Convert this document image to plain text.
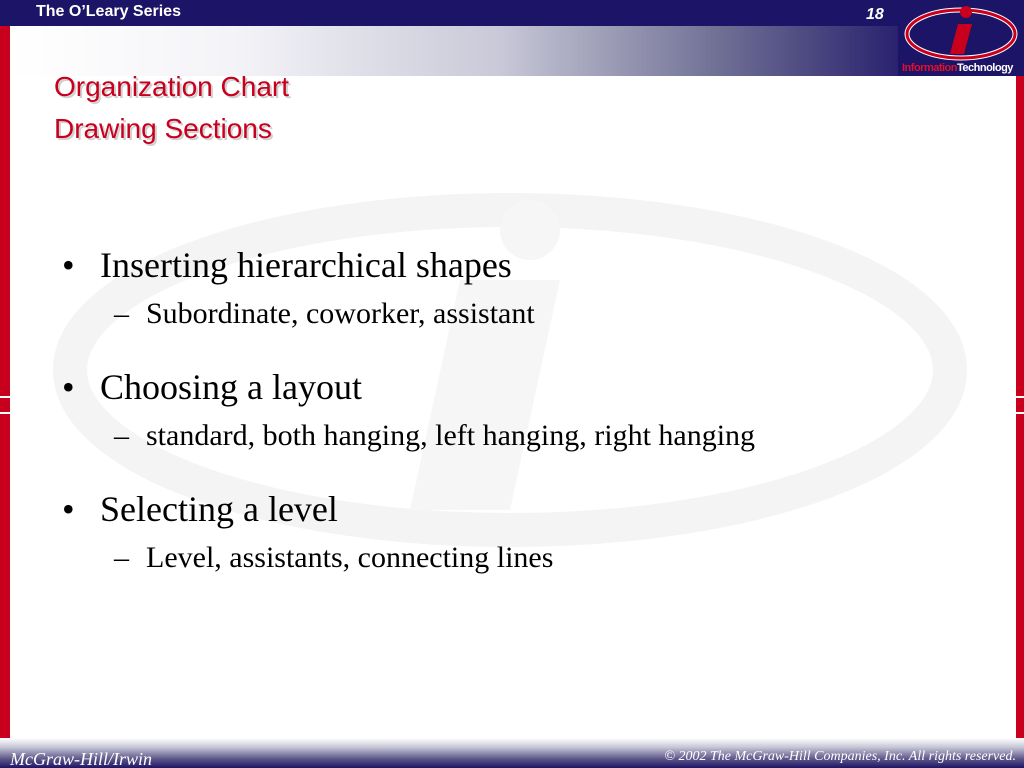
The O’Leary Series	18
InformationTechnology
Organization Chart
Drawing Sections
• Inserting hierarchical shapes
– Subordinate, coworker, assistant
• Choosing a layout
– standard, both hanging, left hanging, right hanging
• Selecting a level
– Level, assistants, connecting lines
McGraw-Hill/Irwin	© 2002 The McGraw-Hill Companies, Inc. All rights reserved.
